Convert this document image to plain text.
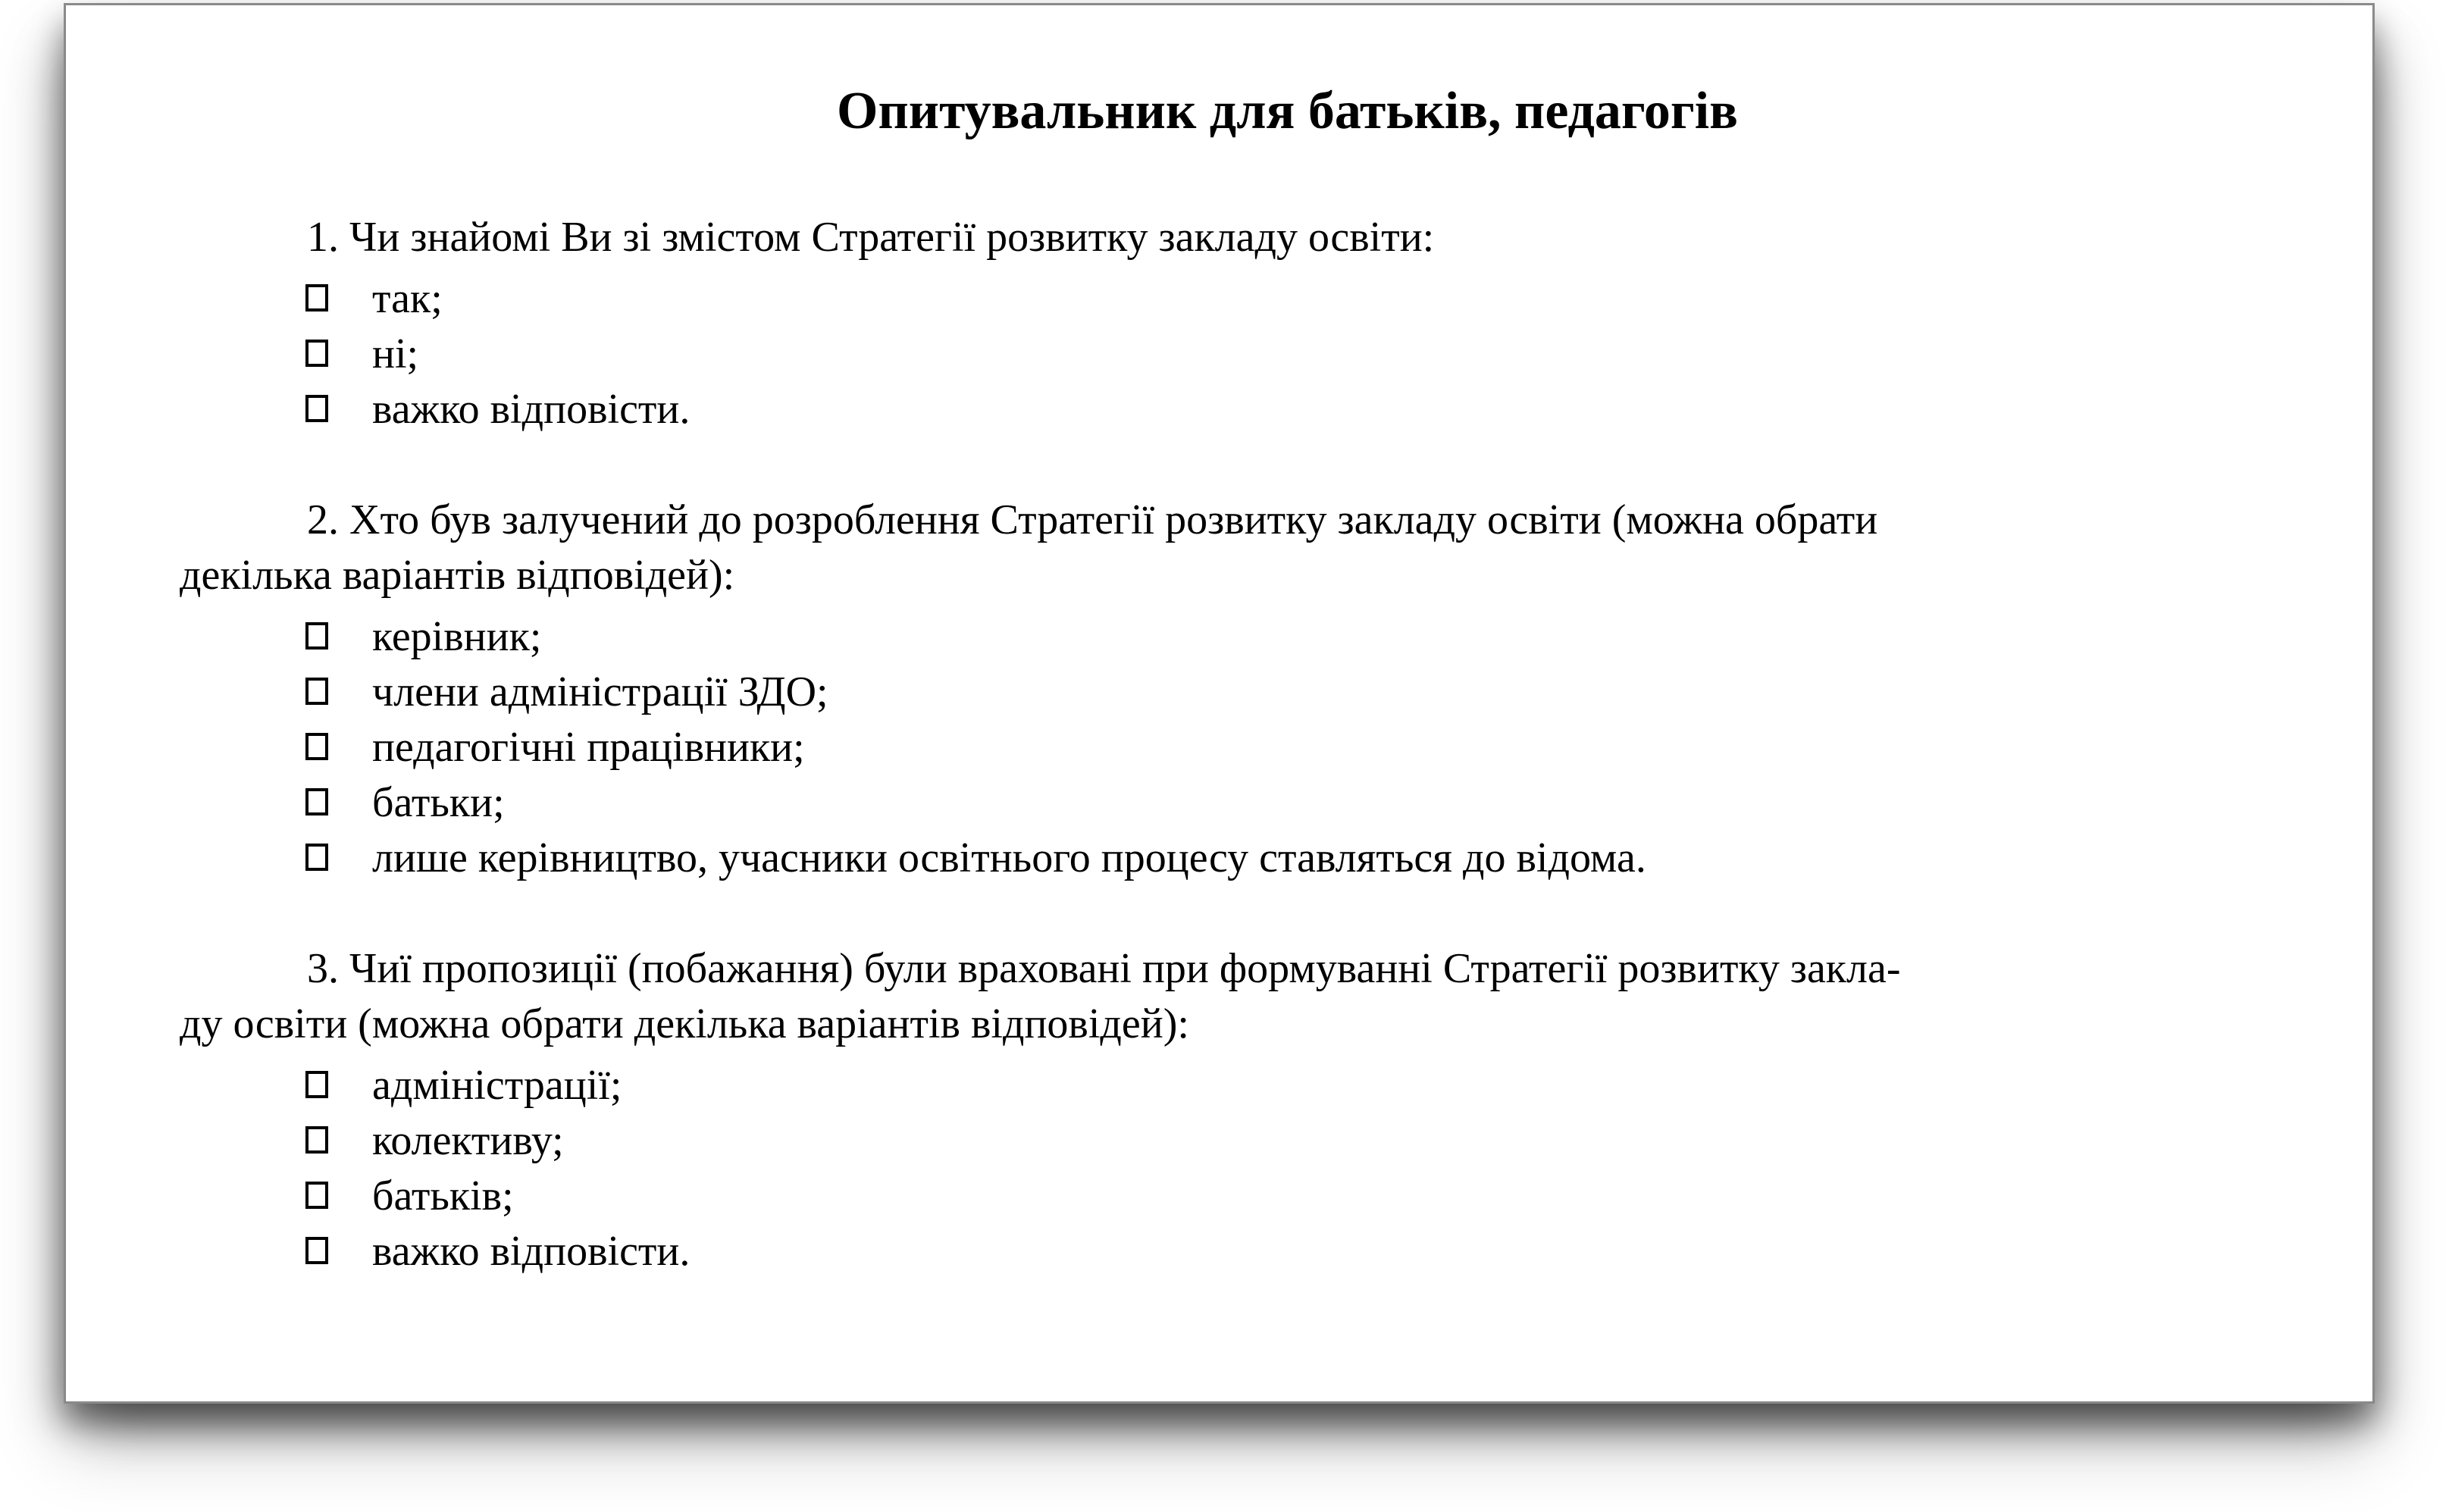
Опитувальник для батьків, педагогів
1. Чи знайомі Ви зі змістом Стратегії розвитку закладу освіти:
так;
ні;
важко відповісти.
2. Хто був залучений до розроблення Стратегії розвитку закладу освіти (можна обрати
декілька варіантів відповідей):
керівник;
члени адміністрації ЗДО;
педагогічні працівники;
батьки;
лише керівництво, учасники освітнього процесу ставляться до відома.
3. Чиї пропозиції (побажання) були враховані при формуванні Стратегії розвитку закла-
ду освіти (можна обрати декілька варіантів відповідей):
адміністрації;
колективу;
батьків;
важко відповісти.
